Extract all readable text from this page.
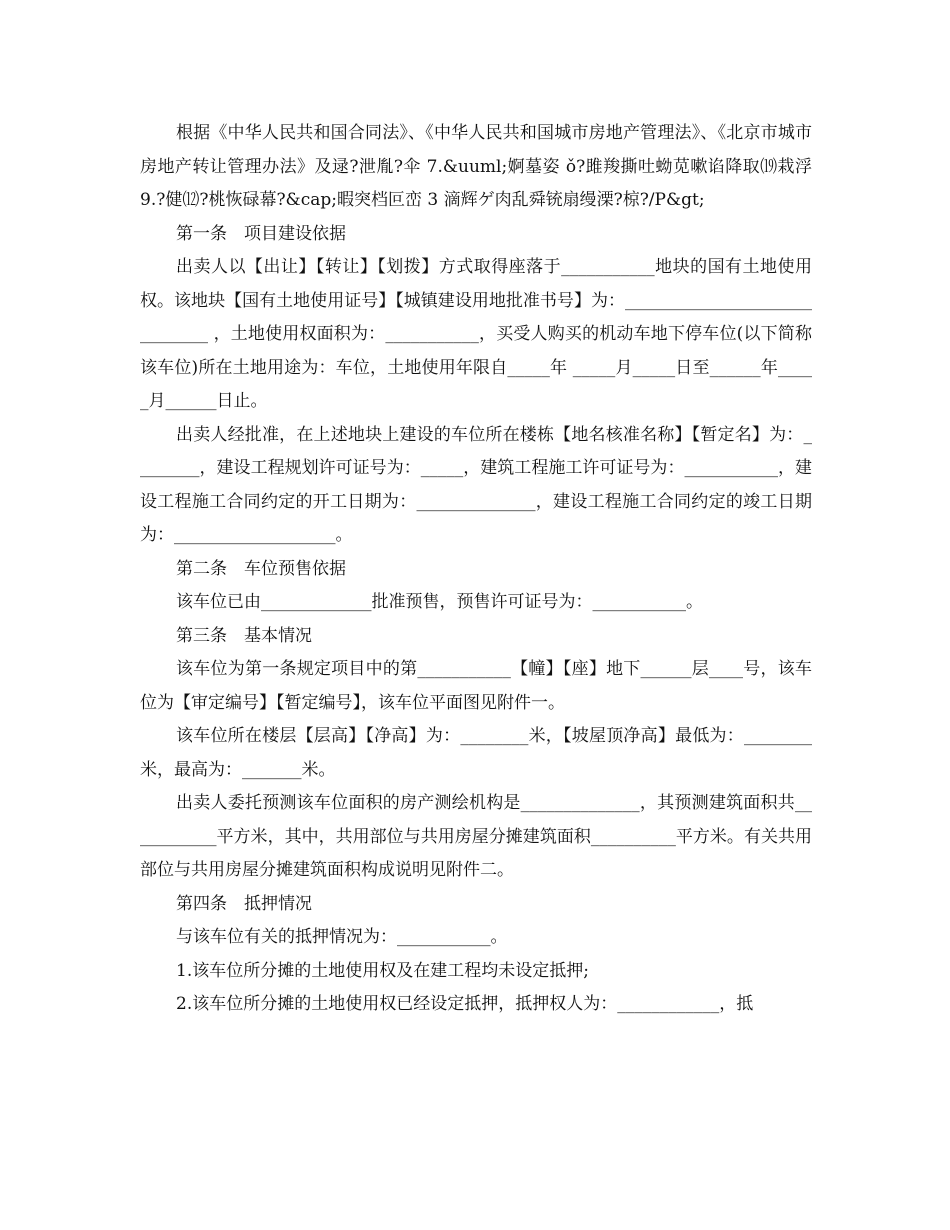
根据《中华人民共和国合同法》、《中华人民共和国城市房地产管理法》、《北京市城市房地产转让管理办法》及逯?泄胤?伞 7.&uuml;婀墓姿 ǒ?雎羧撕吐蚴苋嗽谄降取⒆栽浮 9.?健⑿?桃恢碌幕?&cap;暇突档叵峦 3 滴辉ゲ肉乱舜铳扇缦溧?椋?/P&gt;

第一条　项目建设依据

出卖人以【出让】【转让】【划拨】方式取得座落于___________地块的国有土地使用权。该地块【国有土地使用证号】【城镇建设用地批准书号】为：______________________________ ，土地使用权面积为：___________，买受人购买的机动车地下停车位(以下简称该车位)所在土地用途为：车位，土地使用年限自_____年 _____月_____日至______年_____月______日止。

出卖人经批准，在上述地块上建设的车位所在楼栋【地名核准名称】【暂定名】为：________，建设工程规划许可证号为：_____，建筑工程施工许可证号为：___________，建设工程施工合同约定的开工日期为：______________，建设工程施工合同约定的竣工日期为：___________________。

第二条　车位预售依据

该车位已由_____________批准预售，预售许可证号为：___________。

第三条　基本情况

该车位为第一条规定项目中的第___________【幢】【座】地下______层____号，该车位为【审定编号】【暂定编号】，该车位平面图见附件一。

该车位所在楼层【层高】【净高】为：________米，【坡屋顶净高】最低为：________米，最高为：_______米。

出卖人委托预测该车位面积的房产测绘机构是______________，其预测建筑面积共___________平方米，其中，共用部位与共用房屋分摊建筑面积__________平方米。有关共用部位与共用房屋分摊建筑面积构成说明见附件二。

第四条　抵押情况

与该车位有关的抵押情况为：___________。

1.该车位所分摊的土地使用权及在建工程均未设定抵押;

2.该车位所分摊的土地使用权已经设定抵押，抵押权人为：____________，抵
